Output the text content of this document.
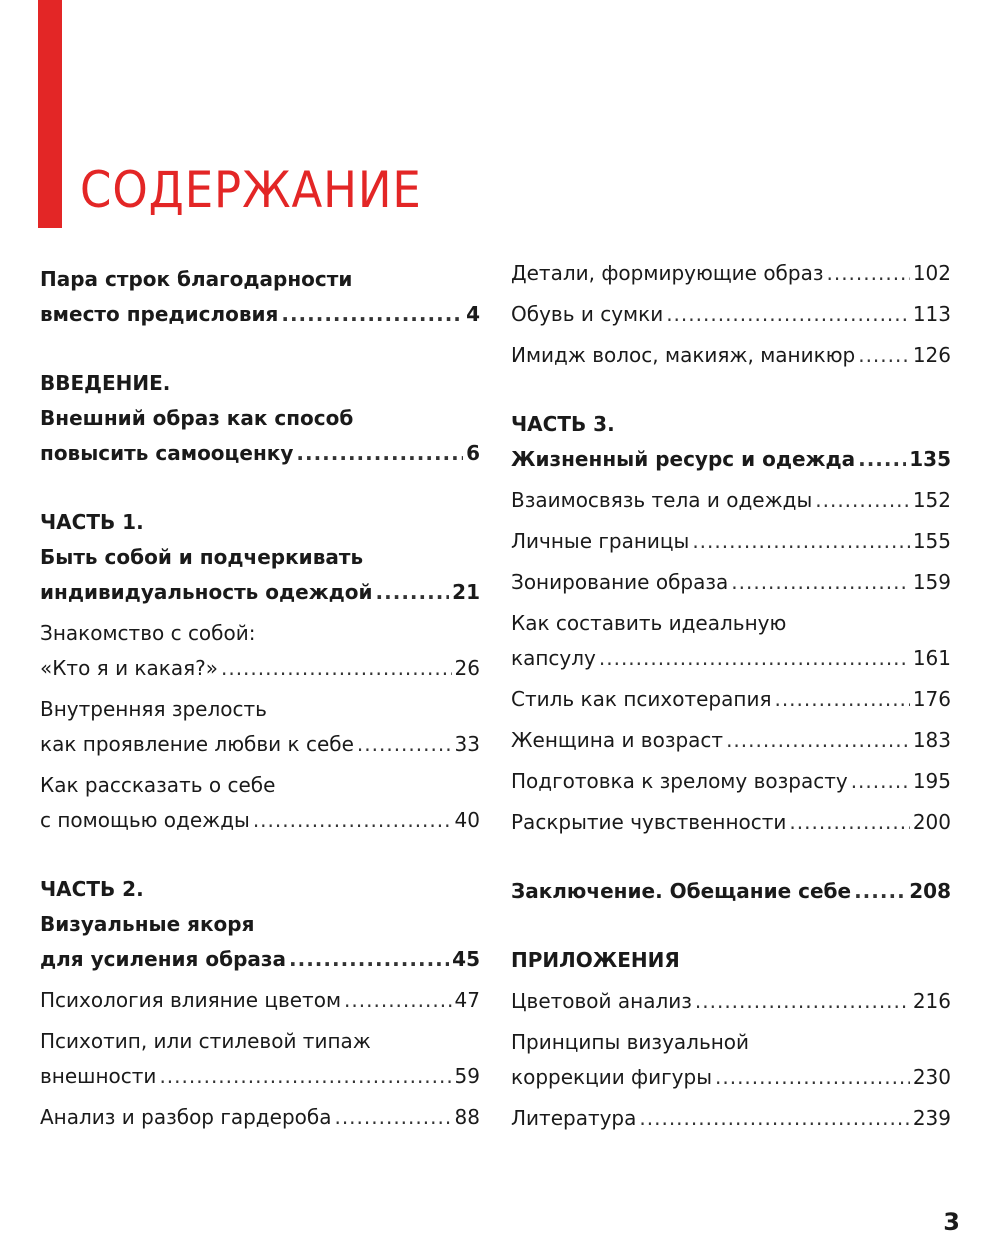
СОДЕРЖАНИЕ
Пара строк благодарности
вместо предисловия .....	4
ВВЕДЕНИЕ.
Внешний образ как способ
повысить самооценку .....	6
ЧАСТЬ 1.
Быть собой и подчеркивать
индивидуальность одеждой .....	21
Знакомство с собой:
«Кто я и какая?» .....	26
Внутренняя зрелость
как проявление любви к себе .....	33
Как рассказать о себе
с помощью одежды .....	40
ЧАСТЬ 2.
Визуальные якоря
для усиления образа .....	45
Психология влияние цветом .....	47
Психотип, или стилевой типаж
внешности .....	59
Анализ и разбор гардероба .....	88
Детали, формирующие образ .....	102
Обувь и сумки .....	113
Имидж волос, макияж, маникюр .....	126
ЧАСТЬ 3.
Жизненный ресурс и одежда .....	135
Взаимосвязь тела и одежды .....	152
Личные границы .....	155
Зонирование образа .....	159
Как составить идеальную
капсулу .....	161
Стиль как психотерапия .....	176
Женщина и возраст .....	183
Подготовка к зрелому возрасту .....	195
Раскрытие чувственности .....	200
Заключение. Обещание себе .....	208
ПРИЛОЖЕНИЯ
Цветовой анализ .....	216
Принципы визуальной
коррекции фигуры .....	230
Литература .....	239
3
